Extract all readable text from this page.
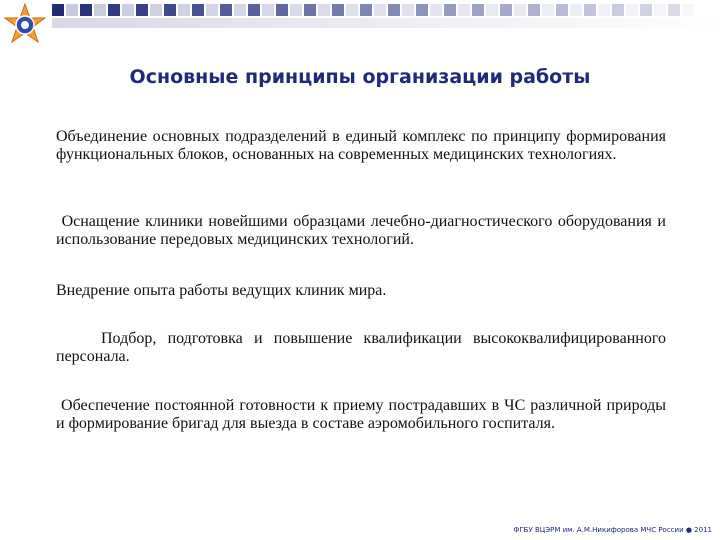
Основные принципы организации работы
Объединение основных подразделений в единый комплекс по принципу формирования функциональных блоков, основанных на современных медицинских технологиях.
Оснащение клиники новейшими образцами лечебно-диагностического оборудования и использование передовых медицинских технологий.
Внедрение опыта работы ведущих клиник мира.
Подбор, подготовка и повышение квалификации высококвалифицированного персонала.
Обеспечение постоянной готовности к приему пострадавших в ЧС различной природы и формирование бригад для выезда в составе аэромобильного госпиталя.
ФГБУ ВЦЭРМ им. А.М.Никифорова МЧС России ● 2011
